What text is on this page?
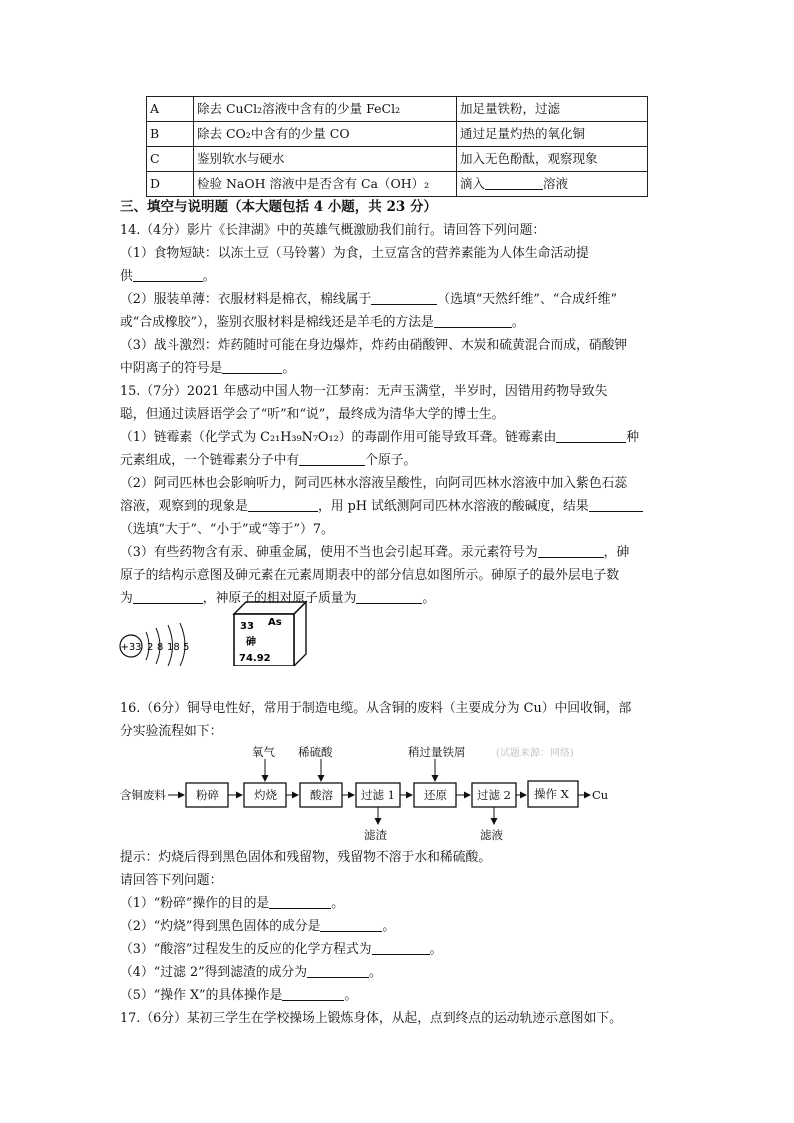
A	除去 CuCl₂溶液中含有的少量 FeCl₂	加足量铁粉，过滤
B	除去 CO₂中含有的少量 CO	通过足量灼热的氧化铜
C	鉴别软水与硬水	加入无色酚酞，观察现象
D	检验 NaOH 溶液中是否含有 Ca（OH）₂	滴入 溶液
三、填空与说明题（本大题包括 4 小题，共 23 分）
14.（4分）影片《长津湖》中的英雄气概激励我们前行。请回答下列问题：
（1）食物短缺：以冻土豆（马铃薯）为食，土豆富含的营养素能为人体生命活动提
供	。
（2）服装单薄：衣服材料是棉衣，棉线属于	（选填“天然纤维”、“合成纤维”
或“合成橡胶”），鉴别衣服材料是棉线还是羊毛的方法是	。
（3）战斗激烈：炸药随时可能在身边爆炸，炸药由硝酸钾、木炭和硫黄混合而成，硝酸钾
中阴离子的符号是	。
15.（7分）2021 年感动中国人物一江梦南：无声玉满堂，半岁时，因错用药物导致失
聪，但通过读唇语学会了“听”和“说”，最终成为清华大学的博士生。
（1）链霉素（化学式为 C₂₁H₃₉N₇O₁₂）的毒副作用可能导致耳聋。链霉素由	种
元素组成，一个链霉素分子中有	个原子。
（2）阿司匹林也会影响听力，阿司匹林水溶液呈酸性，向阿司匹林水溶液中加入紫色石蕊
溶液，观察到的现象是	，用 pH 试纸测阿司匹林水溶液的酸碱度，结果
（选填“大于”、“小于”或“等于”）7。
（3）有些药物含有汞、砷重金属，使用不当也会引起耳聋。汞元素符号为	，砷
原子的结构示意图及砷元素在元素周期表中的部分信息如图所示。砷原子的最外层电子数
为	，神原子的相对原子质量为	。
+33 2 8 18 5
33 As
砷
74.92
16.（6分）铜导电性好，常用于制造电缆。从含铜的废料（主要成分为 Cu）中回收铜，部
分实验流程如下：
含铜废料	粉碎	灼烧	酸溶 过滤 1	还原	过滤 2 操作 X Cu
氧气 稀硫酸	稍过量铁屑	(试题来源：网络)
滤渣	滤液
提示：灼烧后得到黑色固体和残留物，残留物不溶于水和稀硫酸。
请回答下列问题：
（1）“粉碎”操作的目的是	。
（2）“灼烧”得到黑色固体的成分是	。
（3）“酸溶”过程发生的反应的化学方程式为	。
（4）“过滤 2”得到滤渣的成分为	。
（5）“操作 X”的具体操作是	。
17.（6分）某初三学生在学校操场上锻炼身体，从起，点到终点的运动轨迹示意图如下。
